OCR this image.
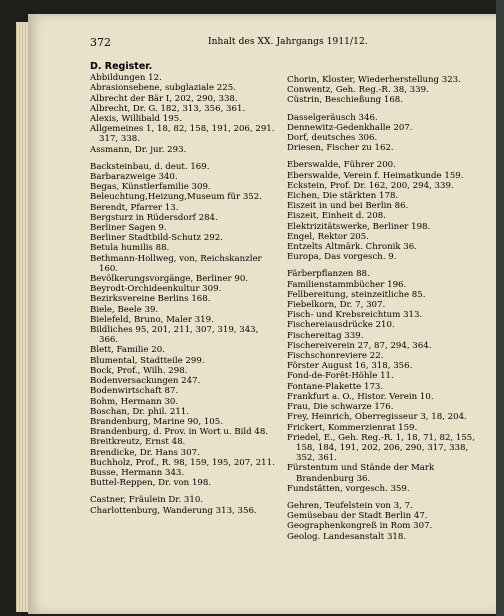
372	Inhalt des XX. Jahrgangs 1911/12.
D. Register.
Abbildungen 12.
Abrasionsebene, subglaziale 225.
Albrecht der Bär I, 202, 290, 338.
Albrecht, Dr. G. 182, 313, 356, 361.
Alexis, Willibald 195.
Allgemeines 1, 18, 82, 158, 191, 206, 291. 317, 338.
Assmann, Dr. jur. 293.
Backsteinbau, d. deut. 169.
Barbarazweige 340.
Begas, Künstlerfamilie 309.
Beleuchtung,Heizung,Museum für 352.
Berendt, Pfarrer 13.
Bergsturz in Rüdersdorf 284.
Berliner Sagen 9.
Berliner Stadtbild-Schutz 292.
Betula humilis 88.
Bethmann-Hollweg, von, Reichskanzler 160.
Bevölkerungsvorgänge, Berliner 90.
Beyrodt-Orchideenkultur 309.
Bezirksvereine Berlins 168.
Biele, Beele 39.
Bielefeld, Bruno, Maler 319.
Bildliches 95, 201, 211, 307, 319, 343, 366.
Blett, Familie 20.
Blumental, Stadtteile 299.
Bock, Prof., Wilh. 298.
Bodenversackungen 247.
Bodenwirtschaft 87.
Bohm, Hermann 30.
Boschan, Dr. phil. 211.
Brandenburg, Marine 90, 105.
Brandenburg, d. Prov. in Wort u. Bild 48.
Breitkreutz, Ernst 48.
Brendicke, Dr. Hans 307.
Buchholz, Prof., R. 98, 159, 195, 207, 211.
Busse, Hermann 343.
Buttel-Reppen, Dr. von 198.
Castner, Fräulein Dr. 310.
Charlottenburg, Wanderung 313, 356.
Chorin, Kloster, Wiederherstellung 323.
Conwentz, Geh. Reg.-R. 38, 339.
Cüstrin, Beschießung 168.
Dasselgeräusch 346.
Dennewitz-Gedenkhalle 207.
Dorf, deutsches 306.
Driesen, Fischer zu 162.
Eberswalde, Führer 200.
Eberswalde, Verein f. Heimatkunde 159.
Eckstein, Prof. Dr. 162, 200, 294, 339.
Eichen, Die stärkten 178.
Eiszeit in und bei Berlin 86.
Eiszeit, Einheit d. 208.
Elektrizitätswerke, Berliner 198.
Engel, Rektor 205.
Entzelts Altmärk. Chronik 36.
Europa, Das vorgesch. 9.
Färberpflanzen 88.
Familienstammbücher 196.
Fellbereitung, steinzeitliche 85.
Fiebelkorn, Dr. 7, 307.
Fisch- und Krebsreichtum 313.
Fischereiausdrücke 210.
Fischereitag 339.
Fischereiverein 27, 87, 294, 364.
Fischschonreviere 22.
Förster August 16, 318, 356.
Fond-de-Forêt-Höhle 11.
Fontane-Plakette 173.
Frankfurt a. O., Histor. Verein 10.
Frau, Die schwarze 176.
Frey, Heinrich, Oberregisseur 3, 18, 204.
Frickert, Kommerzienrat 159.
Friedel, E., Geh. Reg.-R. 1, 18, 71, 82, 155, 158, 184, 191, 202, 206, 290, 317, 338, 352, 361.
Fürstentum und Stände der Mark Brandenburg 36.
Fundstätten, vorgesch. 359.
Gehren, Teufelstein von 3, 7.
Gemüsebau der Stadt Berlin 47.
Geographenkongreß in Rom 307.
Geolog. Landesanstalt 318.
